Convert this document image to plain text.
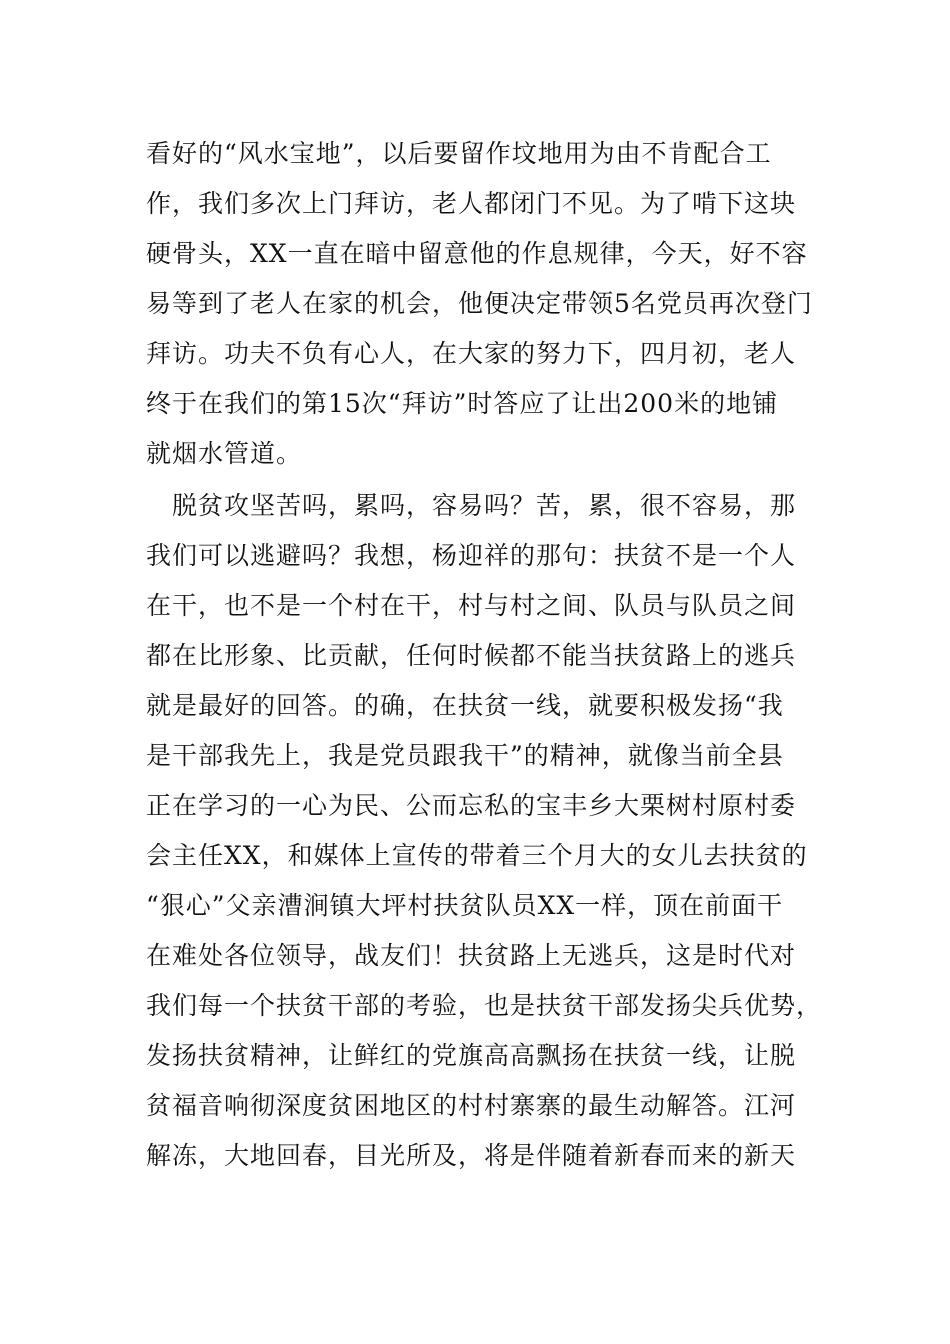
看好的“风水宝地”，以后要留作坟地用为由不肯配合工
作，我们多次上门拜访，老人都闭门不见。为了啃下这块
硬骨头，XX一直在暗中留意他的作息规律，今天，好不容
易等到了老人在家的机会，他便决定带领5名党员再次登门
拜访。功夫不负有心人，在大家的努力下，四月初，老人
终于在我们的第15次“拜访”时答应了让出200米的地铺
就烟水管道。
　脱贫攻坚苦吗，累吗，容易吗？苦，累，很不容易，那
我们可以逃避吗？我想，杨迎祥的那句：扶贫不是一个人
在干，也不是一个村在干，村与村之间、队员与队员之间
都在比形象、比贡献，任何时候都不能当扶贫路上的逃兵
就是最好的回答。的确，在扶贫一线，就要积极发扬“我
是干部我先上，我是党员跟我干”的精神，就像当前全县
正在学习的一心为民、公而忘私的宝丰乡大栗树村原村委
会主任XX，和媒体上宣传的带着三个月大的女儿去扶贫的
“狠心”父亲漕涧镇大坪村扶贫队员XX一样，顶在前面干
在难处各位领导，战友们！扶贫路上无逃兵，这是时代对
我们每一个扶贫干部的考验，也是扶贫干部发扬尖兵优势，
发扬扶贫精神，让鲜红的党旗高高飘扬在扶贫一线，让脱
贫福音响彻深度贫困地区的村村寨寨的最生动解答。江河
解冻，大地回春，目光所及，将是伴随着新春而来的新天
